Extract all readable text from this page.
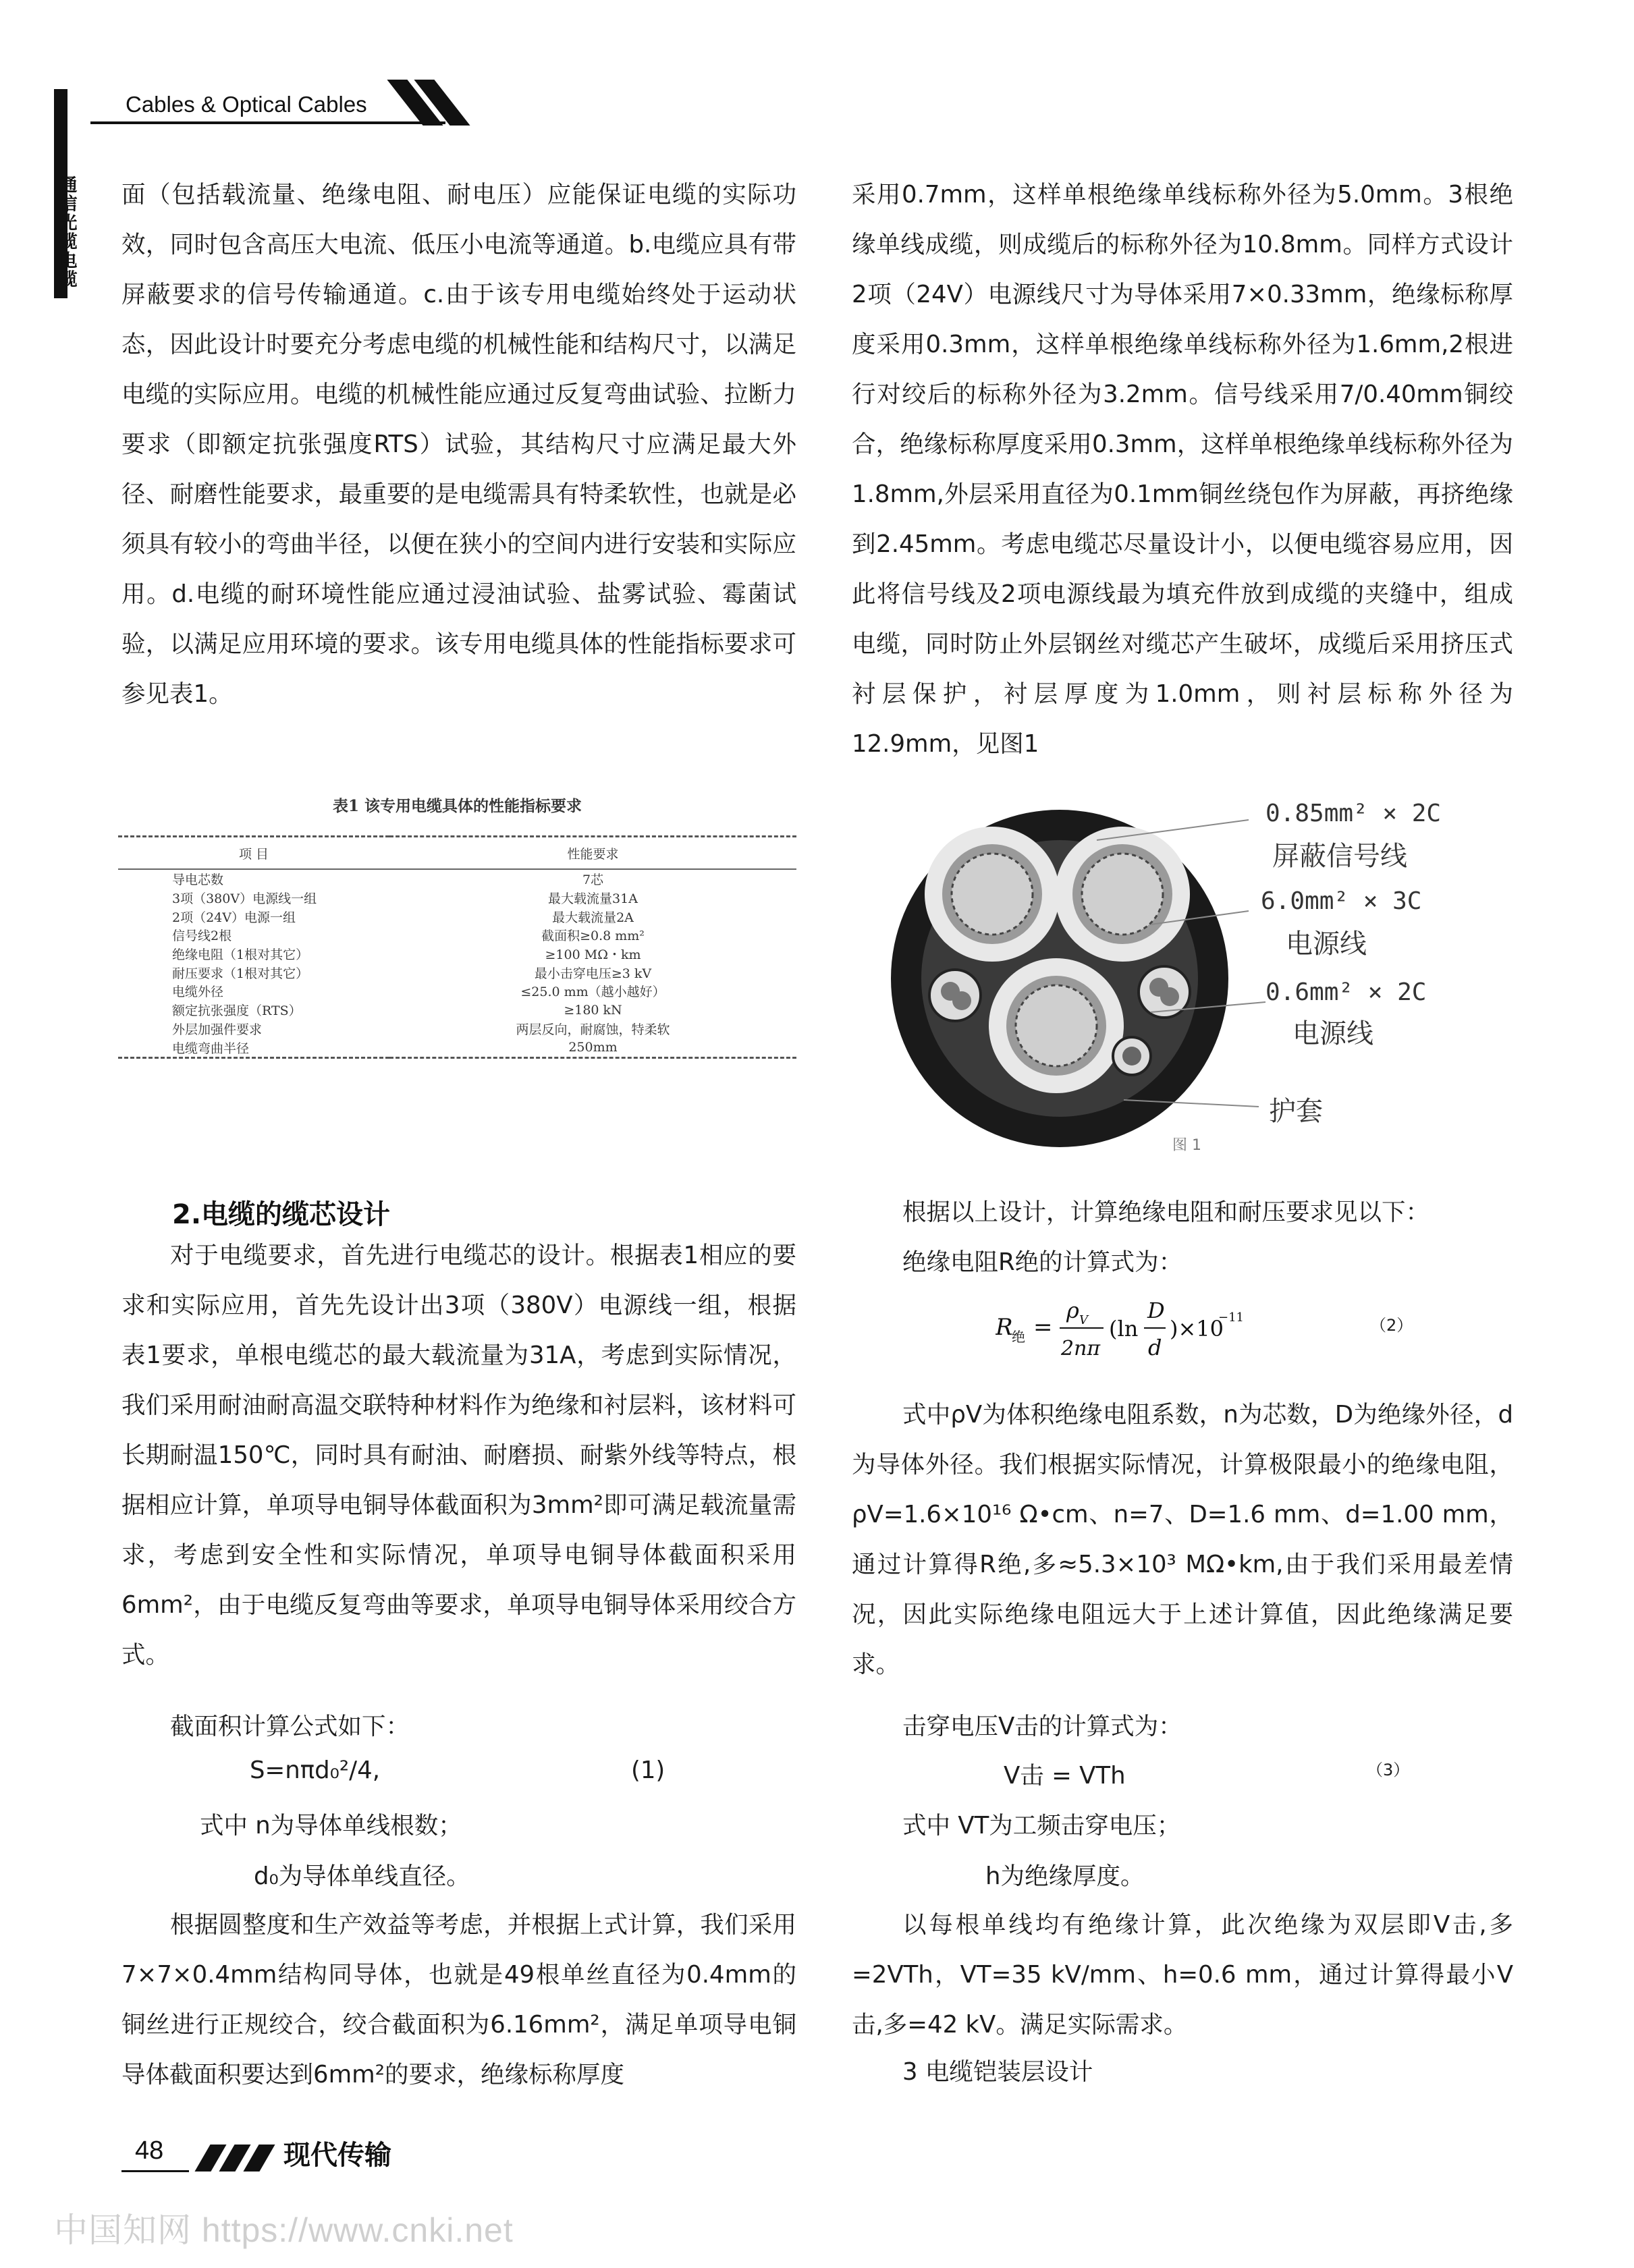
Cables & Optical Cables
通信光缆电缆 面（包括载流量、绝缘电阻、耐电压）应能保证电缆的实际功效，同时包含高压大电流、低压小电流等通道。b.电缆应具有带屏蔽要求的信号传输通道。c.由于该专用电缆始终处于运动状态，因此设计时要充分考虑电缆的机械性能和结构尺寸，以满足电缆的实际应用。电缆的机械性能应通过反复弯曲试验、拉断力要求（即额定抗张强度RTS）试验，其结构尺寸应满足最大外径、耐磨性能要求，最重要的是电缆需具有特柔软性，也就是必须具有较小的弯曲半径，以便在狭小的空间内进行安装和实际应用。d.电缆的耐环境性能应通过浸油试验、盐雾试验、霉菌试验，以满足应用环境的要求。该专用电缆具体的性能指标要求可参见表1。

表1 该专用电缆具体的性能指标要求
项 目	性能要求
导电芯数	7芯
3项（380V）电源线一组	最大载流量31A
2项（24V）电源一组	最大载流量2A
信号线2根	截面积≥0.8 mm²
绝缘电阻（1根对其它）	≥100 MΩ・km
耐压要求（1根对其它）	最小击穿电压≥3 kV
电缆外径	≤25.0 mm（越小越好）
额定抗张强度（RTS）	≥180 kN
外层加强件要求	两层反向，耐腐蚀，特柔软
电缆弯曲半径	250mm
2.电缆的缆芯设计

对于电缆要求，首先进行电缆芯的设计。根据表1相应的要求和实际应用，首先先设计出3项（380V）电源线一组，根据表1要求，单根电缆芯的最大载流量为31A，考虑到实际情况，我们采用耐油耐高温交联特种材料作为绝缘和衬层料，该材料可长期耐温150℃，同时具有耐油、耐磨损、耐紫外线等特点，根据相应计算，单项导电铜导体截面积为3mm²即可满足载流量需求，考虑到安全性和实际情况，单项导电铜导体截面积采用6mm²，由于电缆反复弯曲等要求，单项导电铜导体采用绞合方式。

截面积计算公式如下：
S=nπd₀²/4,	(1)
式中 n为导体单线根数；
d₀为导体单线直径。

根据圆整度和生产效益等考虑，并根据上式计算，我们采用7×7×0.4mm结构同导体，也就是49根单丝直径为0.4mm的铜丝进行正规绞合，绞合截面积为6.16mm²，满足单项导电铜导体截面积要达到6mm²的要求，绝缘标称厚度

采用0.7mm，这样单根绝缘单线标称外径为5.0mm。3根绝缘单线成缆，则成缆后的标称外径为10.8mm。同样方式设计2项（24V）电源线尺寸为导体采用7×0.33mm，绝缘标称厚度采用0.3mm，这样单根绝缘单线标称外径为1.6mm,2根进行对绞后的标称外径为3.2mm。信号线采用7/0.40mm铜绞合，绝缘标称厚度采用0.3mm，这样单根绝缘单线标称外径为1.8mm,外层采用直径为0.1mm铜丝绕包作为屏蔽，再挤绝缘到2.45mm。考虑电缆芯尽量设计小，以便电缆容易应用，因此将信号线及2项电源线最为填充件放到成缆的夹缝中，组成电缆，同时防止外层钢丝对缆芯产生破坏，成缆后采用挤压式衬层保护，衬层厚度为1.0mm，则衬层标称外径为12.9mm，见图1

0.85mm² × 2C
屏蔽信号线
6.0mm² × 3C
电源线
0.6mm² × 2C
电源线
护套
图 1
根据以上设计，计算绝缘电阻和耐压要求见以下：
绝缘电阻R绝的计算式为：
R
绝 =
ρ V
2nπ
(ln
D
d
)×10
−11	（2）

式中ρV为体积绝缘电阻系数，n为芯数，D为绝缘外径，d为导体外径。我们根据实际情况，计算极限最小的绝缘电阻，ρV=1.6×10¹⁶ Ω•cm、n=7、D=1.6 mm、d=1.00 mm，通过计算得R绝,多≈5.3×10³ MΩ•km,由于我们采用最差情况，因此实际绝缘电阻远大于上述计算值，因此绝缘满足要求。

击穿电压V击的计算式为：
V击 = VTh	（3）
式中 VT为工频击穿电压；
h为绝缘厚度。

以每根单线均有绝缘计算，此次绝缘为双层即V击,多=2VTh，VT=35 kV/mm、h=0.6 mm，通过计算得最小V击,多=42 kV。满足实际需求。

3 电缆铠装层设计
48	现代传输
中国知网 https://www.cnki.net
